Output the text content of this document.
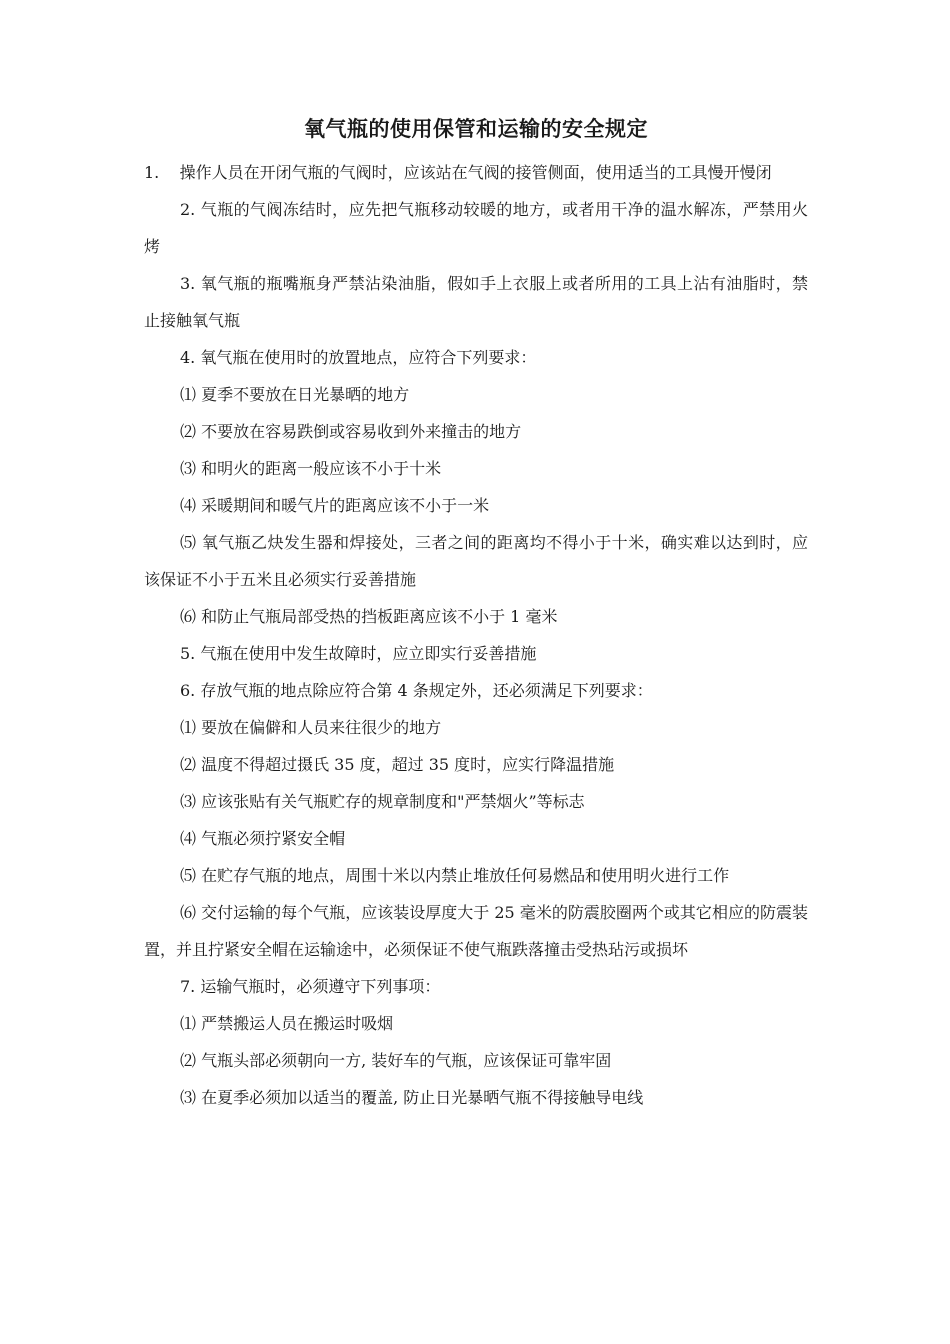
氧气瓶的使用保管和运输的安全规定

1.    操作人员在开闭气瓶的气阀时，应该站在气阀的接管侧面，使用适当的工具慢开慢闭

2. 气瓶的气阀冻结时，应先把气瓶移动较暖的地方，或者用干净的温水解冻，严禁用火烤

3. 氧气瓶的瓶嘴瓶身严禁沾染油脂，假如手上衣服上或者所用的工具上沾有油脂时，禁止接触氧气瓶

4. 氧气瓶在使用时的放置地点，应符合下列要求：

⑴ 夏季不要放在日光暴晒的地方

⑵ 不要放在容易跌倒或容易收到外来撞击的地方

⑶ 和明火的距离一般应该不小于十米

⑷ 采暖期间和暖气片的距离应该不小于一米

⑸ 氧气瓶乙炔发生器和焊接处，三者之间的距离均不得小于十米，确实难以达到时，应该保证不小于五米且必须实行妥善措施

⑹ 和防止气瓶局部受热的挡板距离应该不小于 1 毫米

5. 气瓶在使用中发生故障时，应立即实行妥善措施

6. 存放气瓶的地点除应符合第 4 条规定外，还必须满足下列要求：

⑴ 要放在偏僻和人员来往很少的地方

⑵ 温度不得超过摄氏 35 度，超过 35 度时，应实行降温措施

⑶ 应该张贴有关气瓶贮存的规章制度和"严禁烟火”等标志

⑷ 气瓶必须拧紧安全帽

⑸ 在贮存气瓶的地点，周围十米以内禁止堆放任何易燃品和使用明火进行工作

⑹ 交付运输的每个气瓶，应该装设厚度大于 25 毫米的防震胶圈两个或其它相应的防震装置，并且拧紧安全帽在运输途中，必须保证不使气瓶跌落撞击受热玷污或损坏

7. 运输气瓶时，必须遵守下列事项：

⑴ 严禁搬运人员在搬运时吸烟

⑵ 气瓶头部必须朝向一方, 装好车的气瓶，应该保证可靠牢固

⑶ 在夏季必须加以适当的覆盖, 防止日光暴晒气瓶不得接触导电线
